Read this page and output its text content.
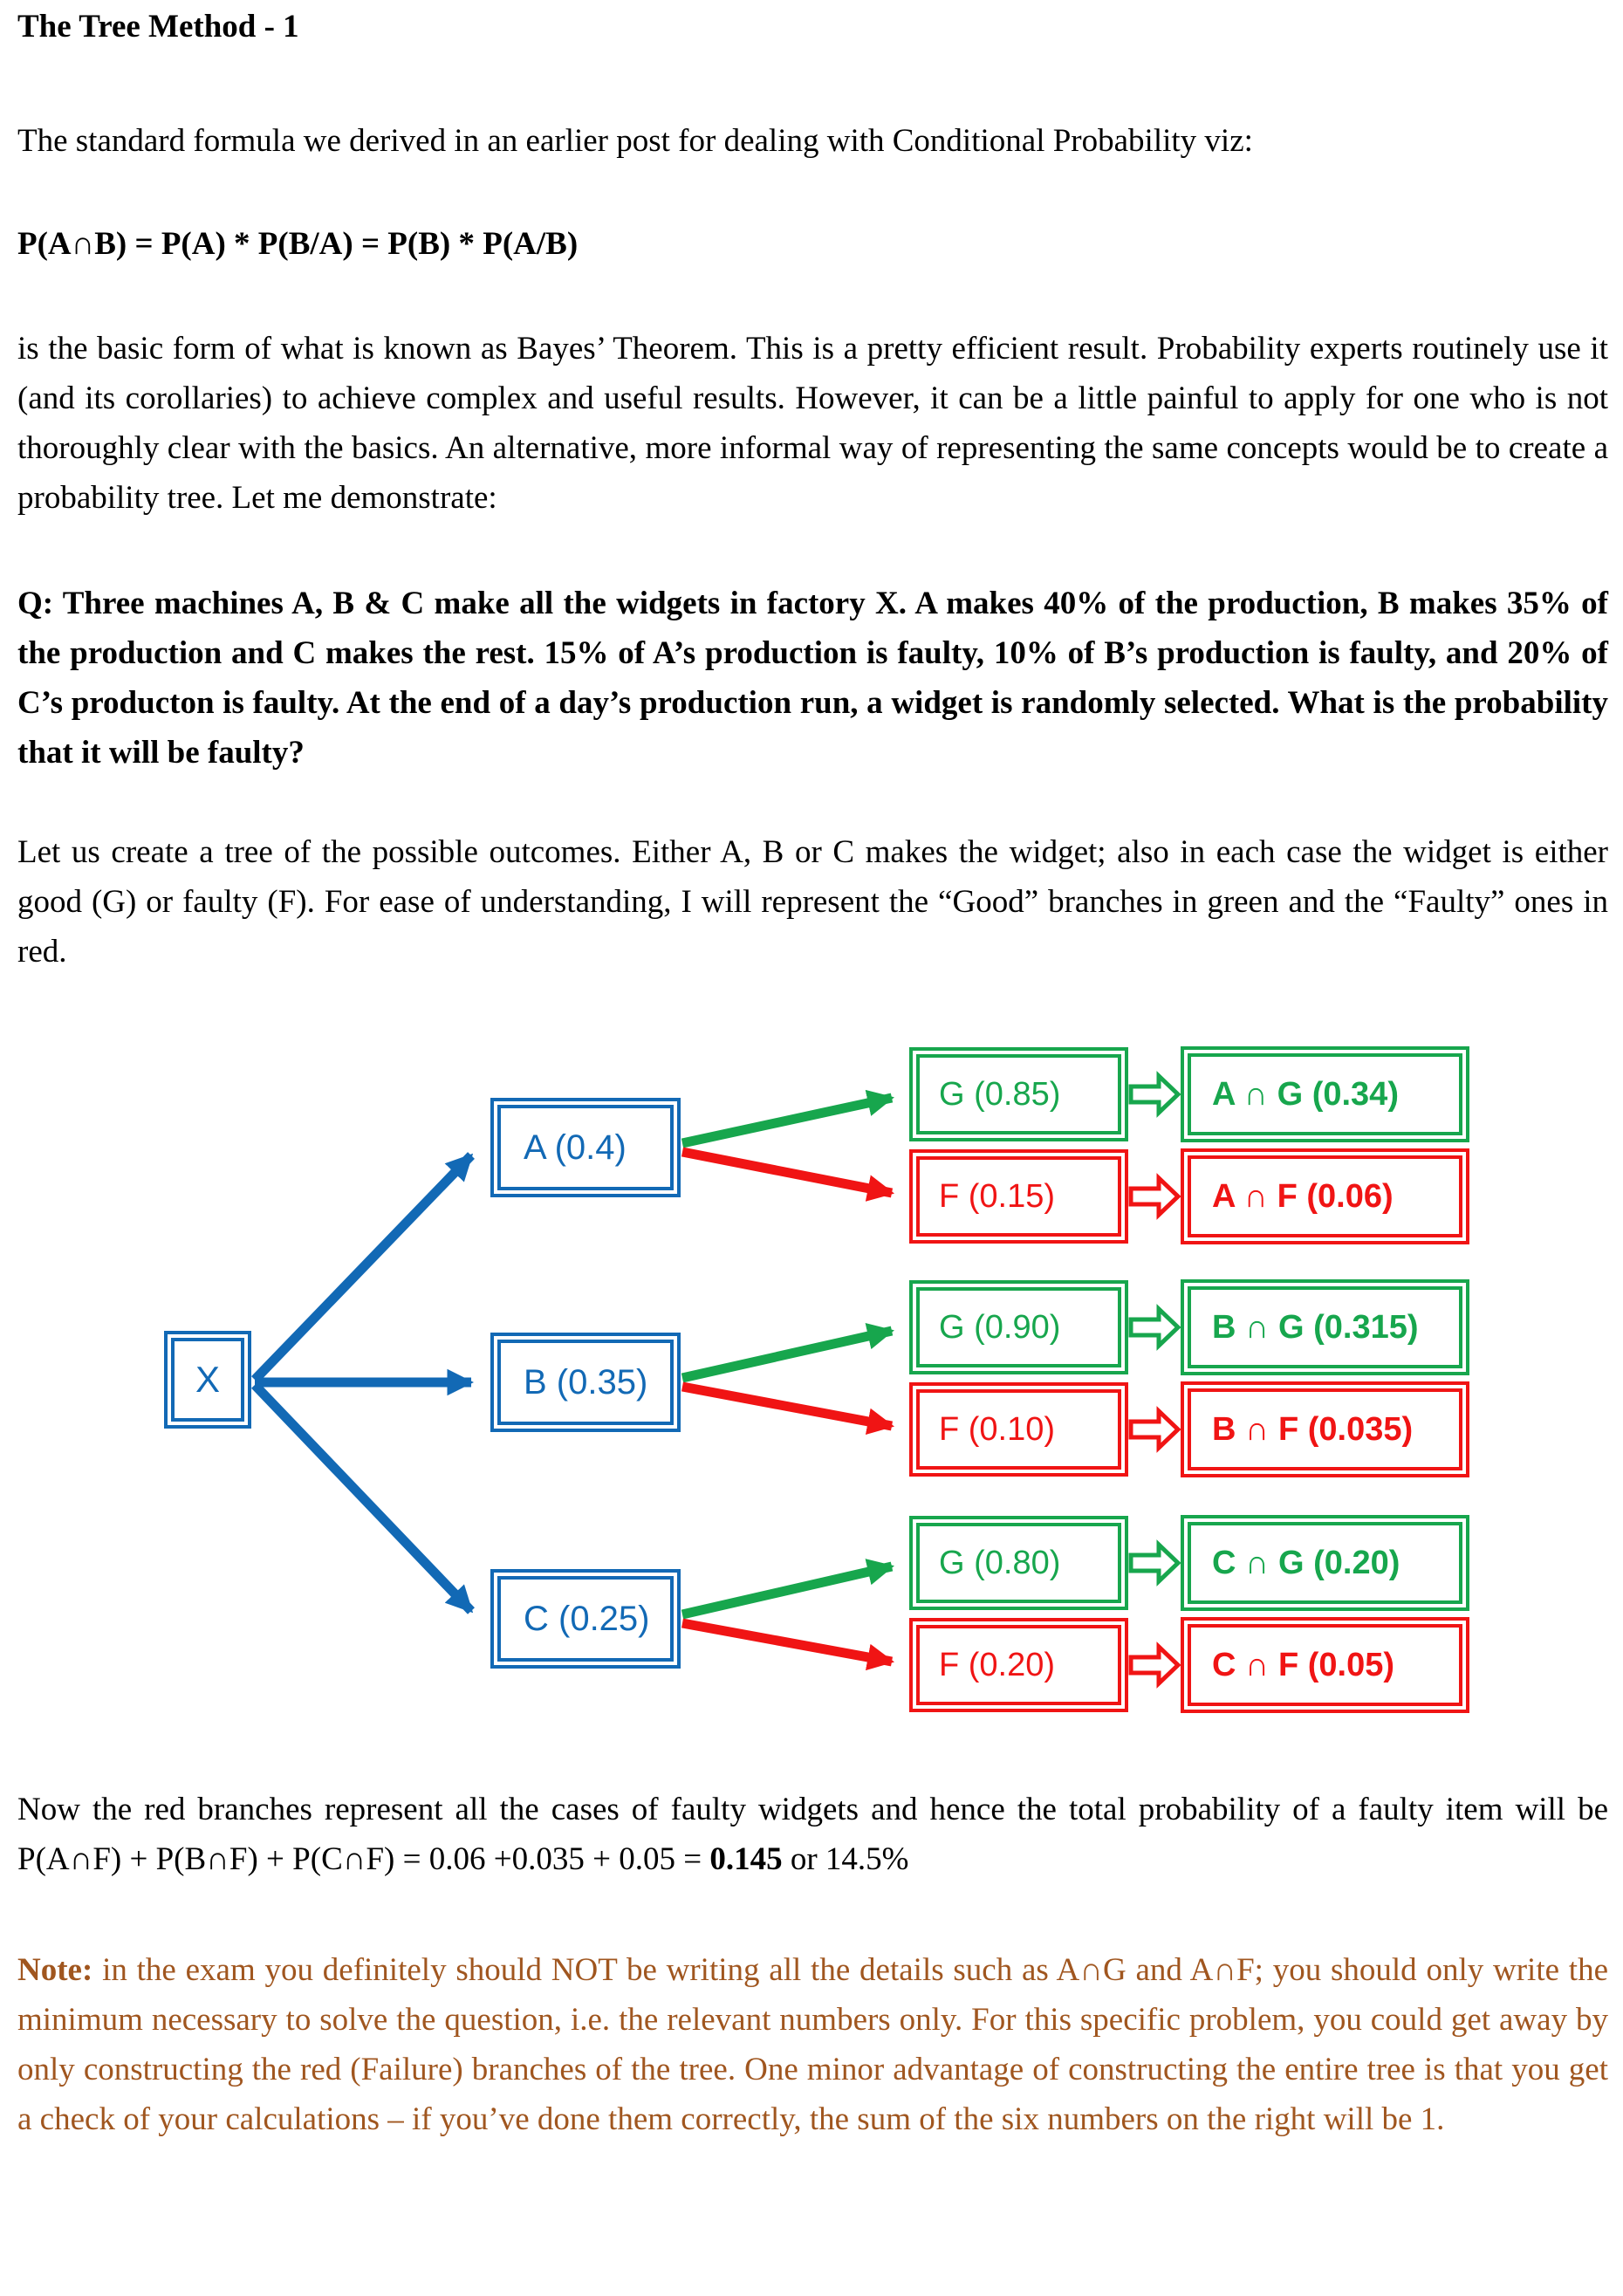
The Tree Method - 1
The standard formula we derived in an earlier post for dealing with Conditional Probability viz:
P(A∩B) = P(A) * P(B/A) = P(B) * P(A/B)
is the basic form of what is known as Bayes’ Theorem. This is a pretty efficient result. Probability experts routinely use it (and its corollaries) to achieve complex and useful results. However, it can be a little painful to apply for one who is not thoroughly clear with the basics. An alternative, more informal way of representing the same concepts would be to create a probability tree. Let me demonstrate:
Q: Three machines A, B & C make all the widgets in factory X. A makes 40% of the production, B makes 35% of the production and C makes the rest. 15% of A’s production is faulty, 10% of B’s production is faulty, and 20% of C’s producton is faulty. At the end of a day’s production run, a widget is randomly selected. What is the probability that it will be faulty?
Let us create a tree of the possible outcomes. Either A, B or C makes the widget; also in each case the widget is either good (G) or faulty (F). For ease of understanding, I will represent the “Good” branches in green and the “Faulty” ones in red.
Now the red branches represent all the cases of faulty widgets and hence the total probability of a faulty item will be P(A∩F) + P(B∩F) + P(C∩F) = 0.06 +0.035 + 0.05 = 0.145 or 14.5%
Note: in the exam you definitely should NOT be writing all the details such as A∩G and A∩F; you should only write the minimum necessary to solve the question, i.e. the relevant numbers only. For this specific problem, you could get away by only constructing the red (Failure) branches of the tree. One minor advantage of constructing the entire tree is that you get a check of your calculations – if you’ve done them correctly, the sum of the six numbers on the right will be 1.
X
A (0.4)
B (0.35)
C (0.25)
G (0.85)
F (0.15)
G (0.90)
F (0.10)
G (0.80)
F (0.20)
A ∩ G (0.34)
A ∩ F (0.06)
B ∩ G (0.315)
B ∩ F (0.035)
C ∩ G (0.20)
C ∩ F (0.05)
